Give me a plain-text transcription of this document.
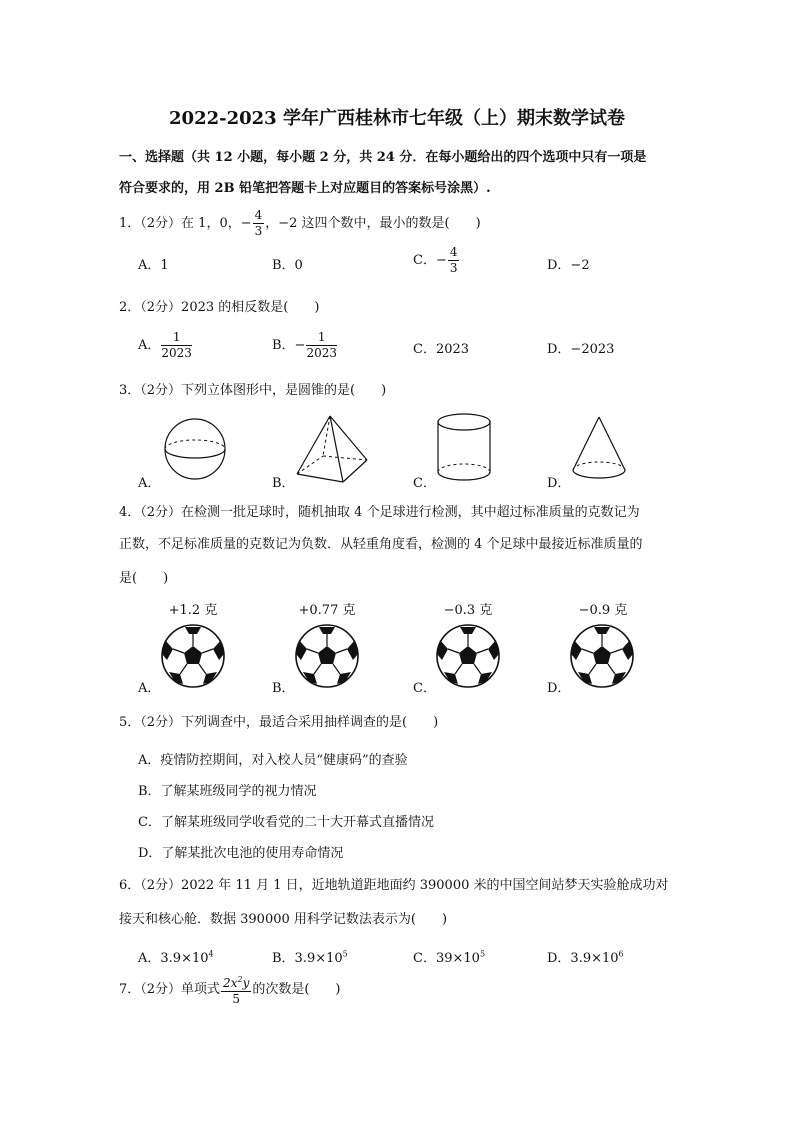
2022-2023 学年广西桂林市七年级（上）期末数学试卷
一、选择题（共 12 小题，每小题 2 分，共 24 分．在每小题给出的四个选项中只有一项是
符合要求的，用 2B 铅笔把答题卡上对应题目的答案标号涂黑）.
1．（2分）在 1，0，− $\frac{4}{3}$ ，−2 这四个数中，最小的数是(　　)
A．1	B．0	C．− $\frac{4}{3}$	D．−2
2．（2分）2023 的相反数是(　　)
A． $\frac{1}{2023}$	B．− $\frac{1}{2023}$	C．2023	D．−2023
3．（2分）下列立体图形中，是圆锥的是(　　)
A．	B．	C．	D．
4．（2分）在检测一批足球时，随机抽取 4 个足球进行检测，其中超过标准质量的克数记为
正数，不足标准质量的克数记为负数．从轻重角度看，检测的 4 个足球中最接近标准质量的
是(　　)
+1.2 克	+0.77 克	−0.3 克	−0.9 克
A．	B．	C．	D．
5．（2分）下列调查中，最适合采用抽样调查的是(　　)
A．疫情防控期间，对入校人员“健康码”的查验
B．了解某班级同学的视力情况
C．了解某班级同学收看党的二十大开幕式直播情况
D．了解某批次电池的使用寿命情况
6．（2分）2022 年 11 月 1 日，近地轨道距地面约 390000 米的中国空间站梦天实验舱成功对
接天和核心舱．数据 390000 用科学记数法表示为(　　)
A．$3.9\times 10^4$	B．$3.9\times 10^5$	C．$39\times 10^5$	D．$3.9\times 10^6$
7．（2分）单项式 $\frac{2x^2y}{5}$ 的次数是(　　)
